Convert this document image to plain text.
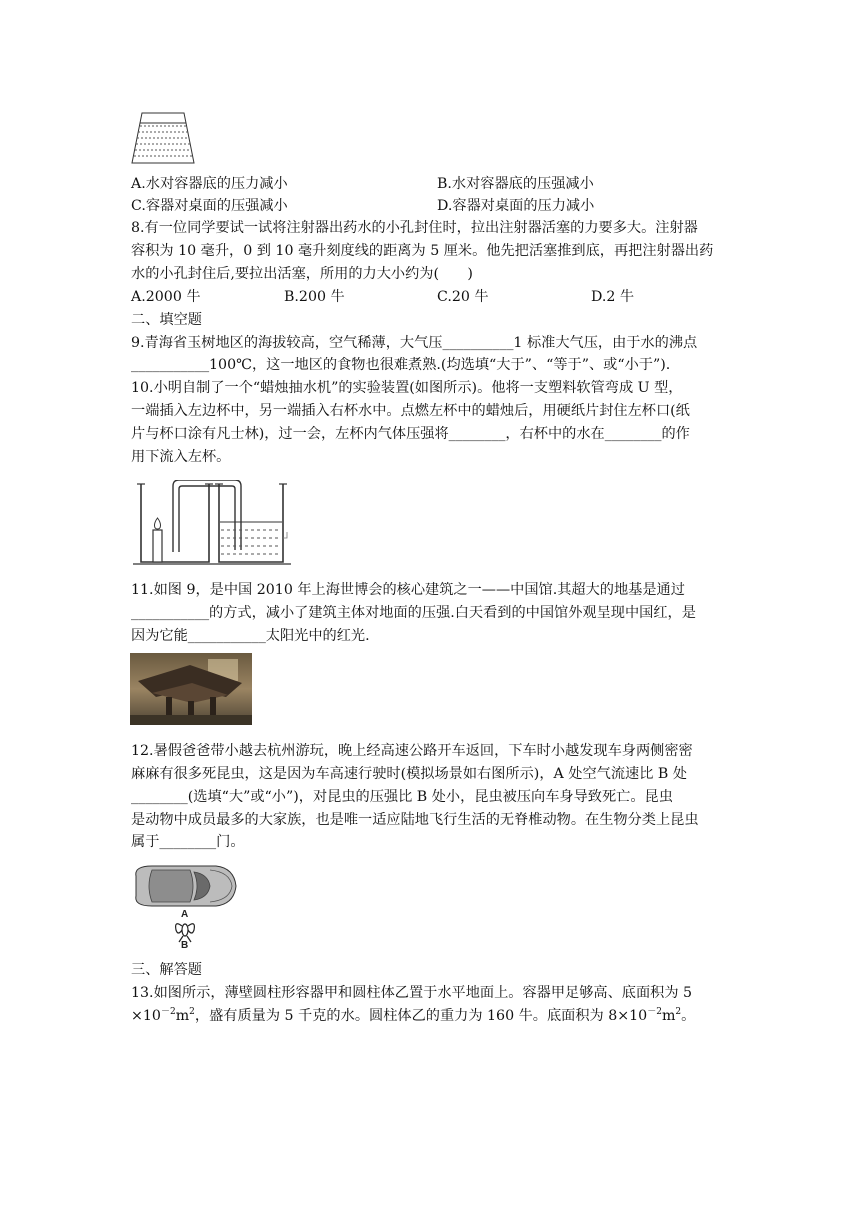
A.水对容器底的压力减小	B.水对容器底的压强减小
C.容器对桌面的压强减小	D.容器对桌面的压力减小
8.有一位同学要试一试将注射器出药水的小孔封住时，拉出注射器活塞的力要多大。注射器
容积为 10 毫升，0 到 10 毫升刻度线的距离为 5 厘米。他先把活塞推到底，再把注射器出药
水的小孔封住后,要拉出活塞，所用的力大小约为(　　)
A.2000 牛	B.200 牛	C.20 牛	D.2 牛
二、填空题
9.青海省玉树地区的海拔较高，空气稀薄，大气压__________1 标准大气压，由于水的沸点
___________100℃，这一地区的食物也很难煮熟.(均选填“大于”、“等于”、或“小于”).
10.小明自制了一个“蜡烛抽水机”的实验装置(如图所示)。他将一支塑料软管弯成 U 型，
一端插入左边杯中，另一端插入右杯水中。点燃左杯中的蜡烛后，用硬纸片封住左杯口(纸
片与杯口涂有凡士林)，过一会，左杯内气体压强将________，右杯中的水在________的作
用下流入左杯。
11.如图 9，是中国 2010 年上海世博会的核心建筑之一——中国馆.其超大的地基是通过
___________的方式，减小了建筑主体对地面的压强.白天看到的中国馆外观呈现中国红，是
因为它能___________太阳光中的红光.
12.暑假爸爸带小越去杭州游玩，晚上经高速公路开车返回，下车时小越发现车身两侧密密
麻麻有很多死昆虫，这是因为车高速行驶时(模拟场景如右图所示)，A 处空气流速比 B 处
________(选填“大”或“小”)，对昆虫的压强比 B 处小，昆虫被压向车身导致死亡。昆虫
是动物中成员最多的大家族，也是唯一适应陆地飞行生活的无脊椎动物。在生物分类上昆虫
属于________门。
A
B
三、解答题
13.如图所示，薄壁圆柱形容器甲和圆柱体乙置于水平地面上。容器甲足够高、底面积为 5
$\times 10^{-2}m^2$，盛有质量为 5 千克的水。圆柱体乙的重力为 160 牛。底面积为 $8\times 10^{-2}m^2$。
